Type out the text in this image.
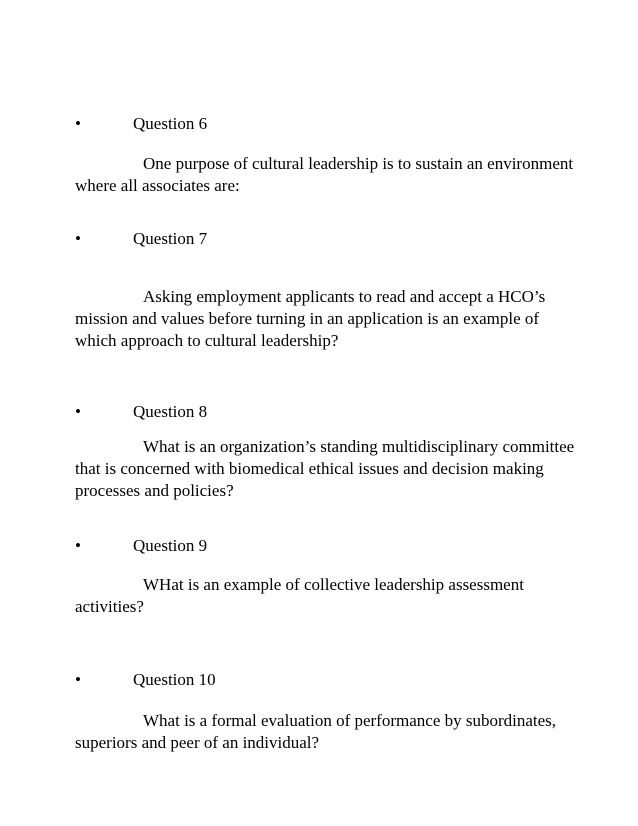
•	Question 6

One purpose of cultural leadership is to sustain an environment where all associates are:

•	Question 7

Asking employment applicants to read and accept a HCO’s mission and values before turning in an application is an example of which approach to cultural leadership?

•	Question 8

What is an organization’s standing multidisciplinary committee that is concerned with biomedical ethical issues and decision making processes and policies?

•	Question 9

WHat is an example of collective leadership assessment activities?

•	Question 10

What is a formal evaluation of performance by subordinates, superiors and peer of an individual?
